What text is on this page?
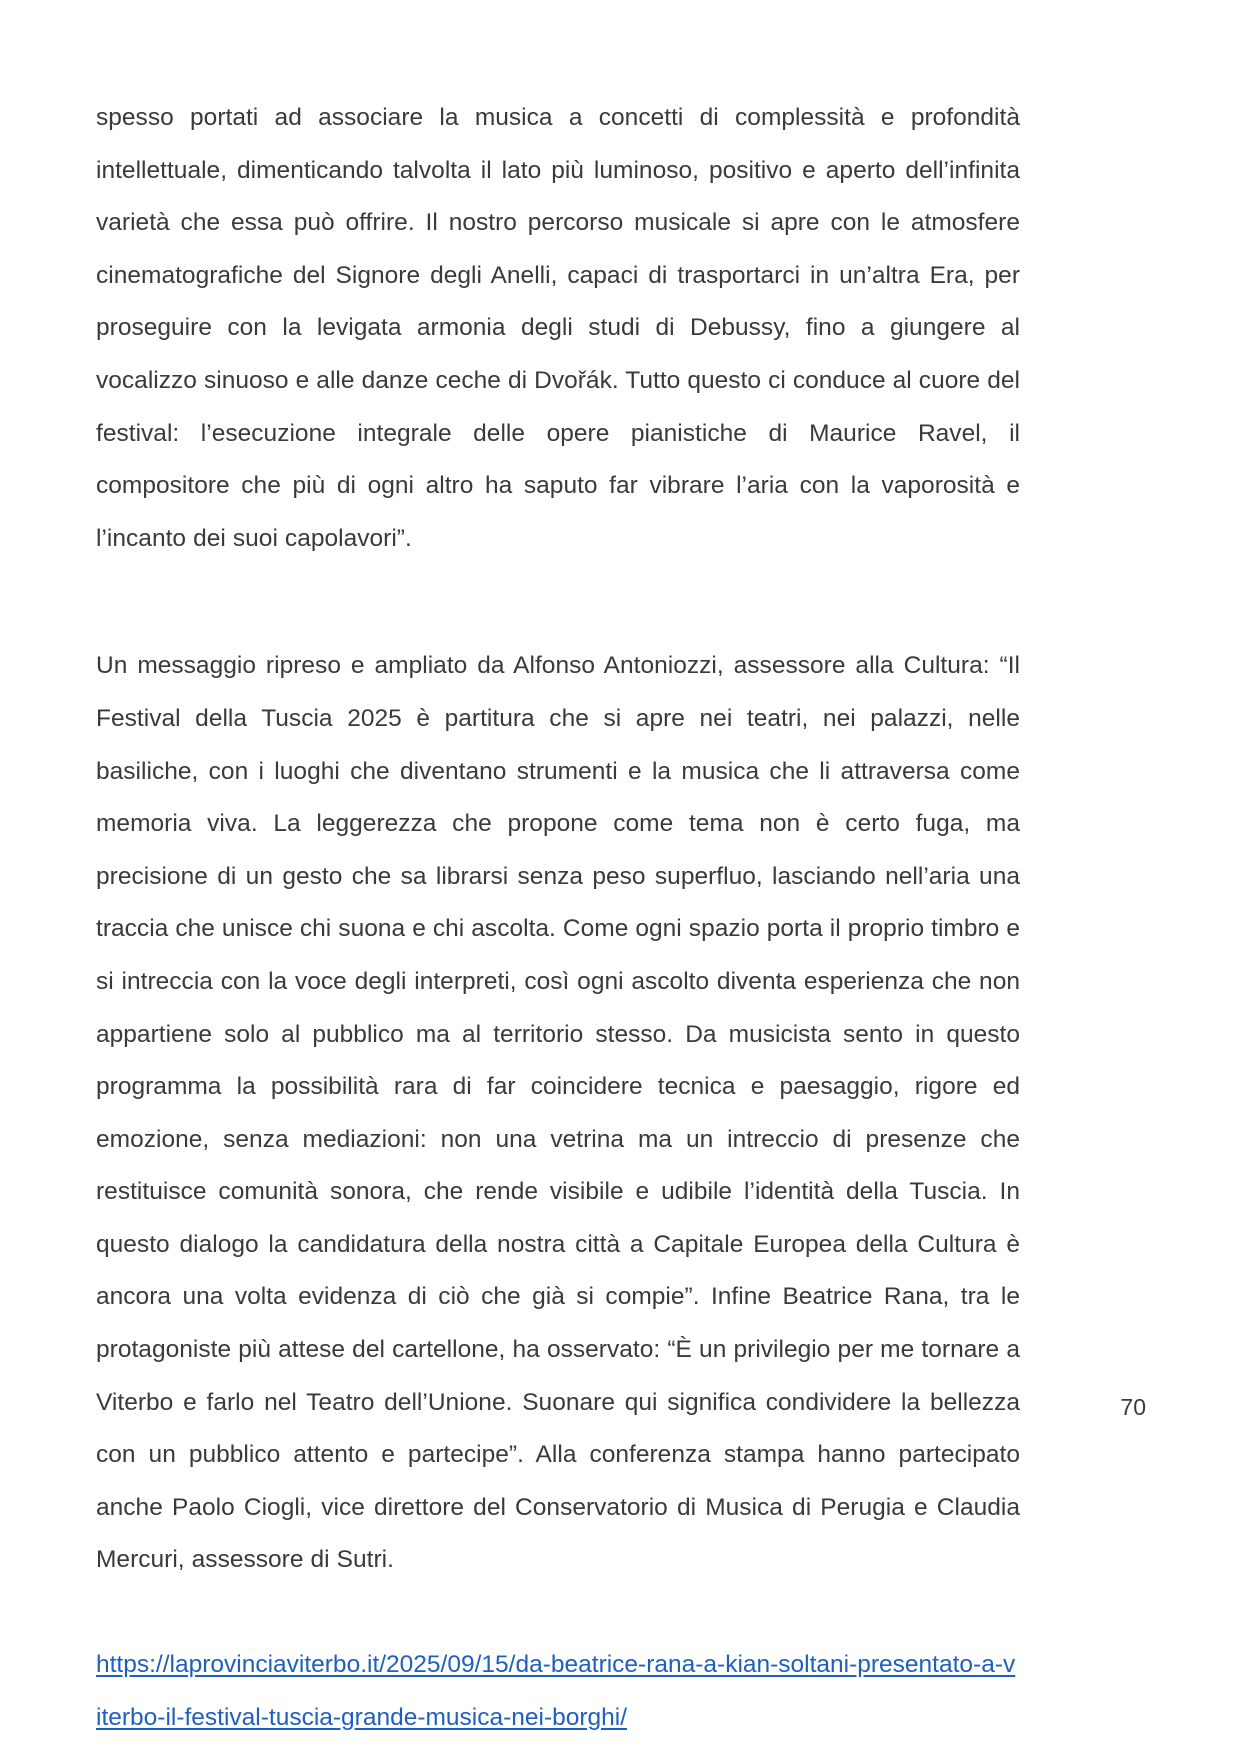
spesso portati ad associare la musica a concetti di complessità e profondità intellettuale, dimenticando talvolta il lato più luminoso, positivo e aperto dell’infinita varietà che essa può offrire. Il nostro percorso musicale si apre con le atmosfere cinematografiche del Signore degli Anelli, capaci di trasportarci in un’altra Era, per proseguire con la levigata armonia degli studi di Debussy, fino a giungere al vocalizzo sinuoso e alle danze ceche di Dvořák. Tutto questo ci conduce al cuore del festival: l’esecuzione integrale delle opere pianistiche di Maurice Ravel, il compositore che più di ogni altro ha saputo far vibrare l’aria con la vaporosità e l’incanto dei suoi capolavori”.

Un messaggio ripreso e ampliato da Alfonso Antoniozzi, assessore alla Cultura: “Il Festival della Tuscia 2025 è partitura che si apre nei teatri, nei palazzi, nelle basiliche, con i luoghi che diventano strumenti e la musica che li attraversa come memoria viva. La leggerezza che propone come tema non è certo fuga, ma precisione di un gesto che sa librarsi senza peso superfluo, lasciando nell’aria una traccia che unisce chi suona e chi ascolta. Come ogni spazio porta il proprio timbro e si intreccia con la voce degli interpreti, così ogni ascolto diventa esperienza che non appartiene solo al pubblico ma al territorio stesso. Da musicista sento in questo programma la possibilità rara di far coincidere tecnica e paesaggio, rigore ed emozione, senza mediazioni: non una vetrina ma un intreccio di presenze che restituisce comunità sonora, che rende visibile e udibile l’identità della Tuscia. In questo dialogo la candidatura della nostra città a Capitale Europea della Cultura è ancora una volta evidenza di ciò che già si compie”. Infine Beatrice Rana, tra le protagoniste più attese del cartellone, ha osservato: “È un privilegio per me tornare a Viterbo e farlo nel Teatro dell’Unione. Suonare qui significa condividere la bellezza con un pubblico attento e partecipe”. Alla conferenza stampa hanno partecipato anche Paolo Ciogli, vice direttore del Conservatorio di Musica di Perugia e Claudia Mercuri, assessore di Sutri.

https://laprovinciaviterbo.it/2025/09/15/da-beatrice-rana-a-kian-soltani-presentato-a-viterbo-il-festival-tuscia-grande-musica-nei-borghi/

70
